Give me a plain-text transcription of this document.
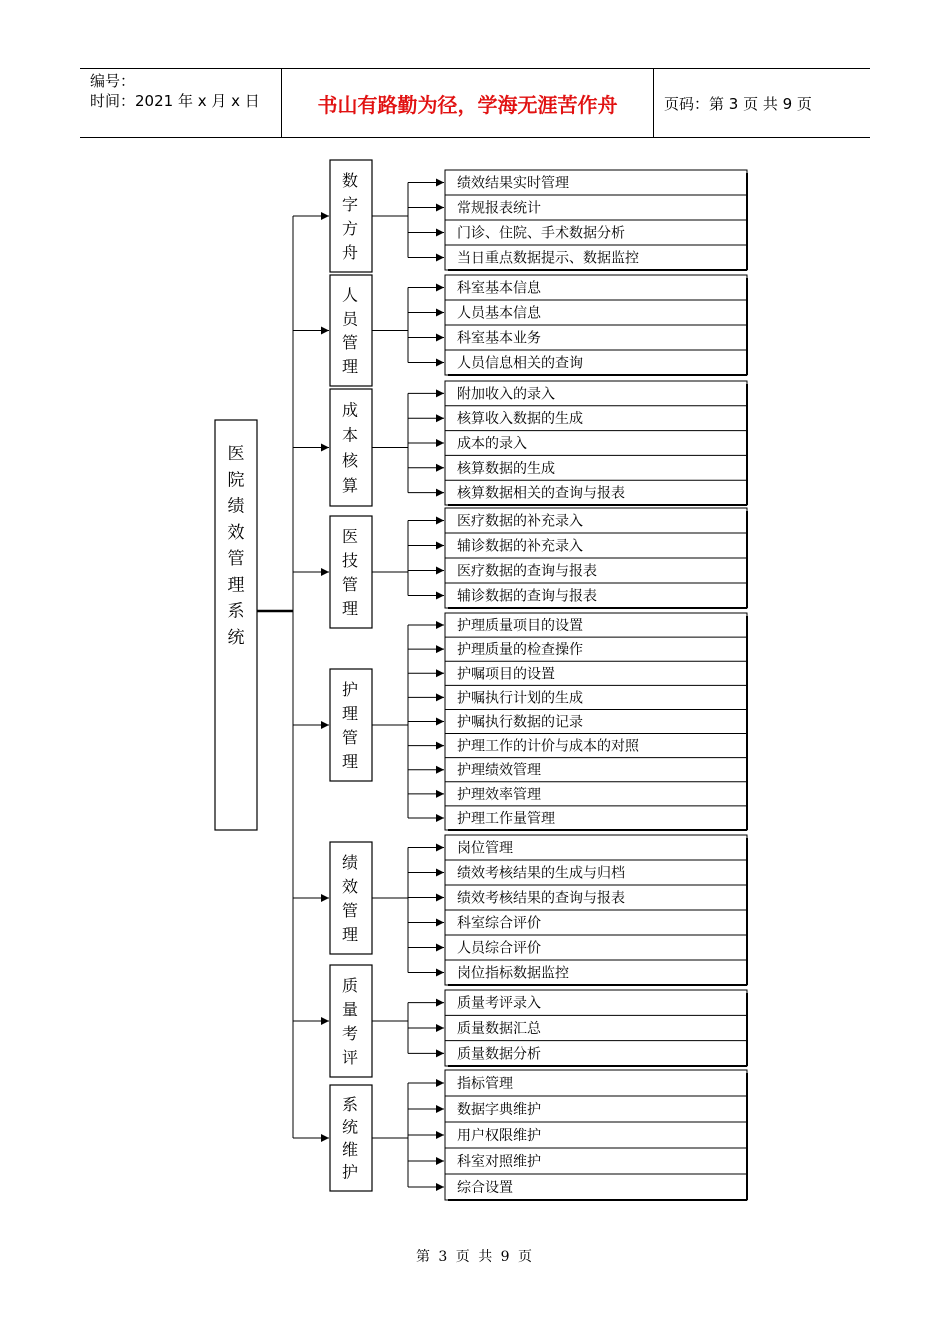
编号：
时间：2021 年 x 月 x 日	书山有路勤为径，学海无涯苦作舟	页码：第 3 页 共 9 页
医院绩效管理系统
数字方舟
绩效结果实时管理
常规报表统计
门诊、住院、手术数据分析
当日重点数据提示、数据监控
人员管理
科室基本信息
人员基本信息
科室基本业务
人员信息相关的查询
成本核算
附加收入的录入
核算收入数据的生成
成本的录入
核算数据的生成
核算数据相关的查询与报表
医技管理
医疗数据的补充录入
辅诊数据的补充录入
医疗数据的查询与报表
辅诊数据的查询与报表
护理管理
护理质量项目的设置
护理质量的检查操作
护嘱项目的设置
护嘱执行计划的生成
护嘱执行数据的记录
护理工作的计价与成本的对照
护理绩效管理
护理效率管理
护理工作量管理
绩效管理
岗位管理
绩效考核结果的生成与归档
绩效考核结果的查询与报表
科室综合评价
人员综合评价
岗位指标数据监控
质量考评
质量考评录入
质量数据汇总
质量数据分析
系统维护
指标管理
数据字典维护
用户权限维护
科室对照维护
综合设置
第 3 页 共 9 页
